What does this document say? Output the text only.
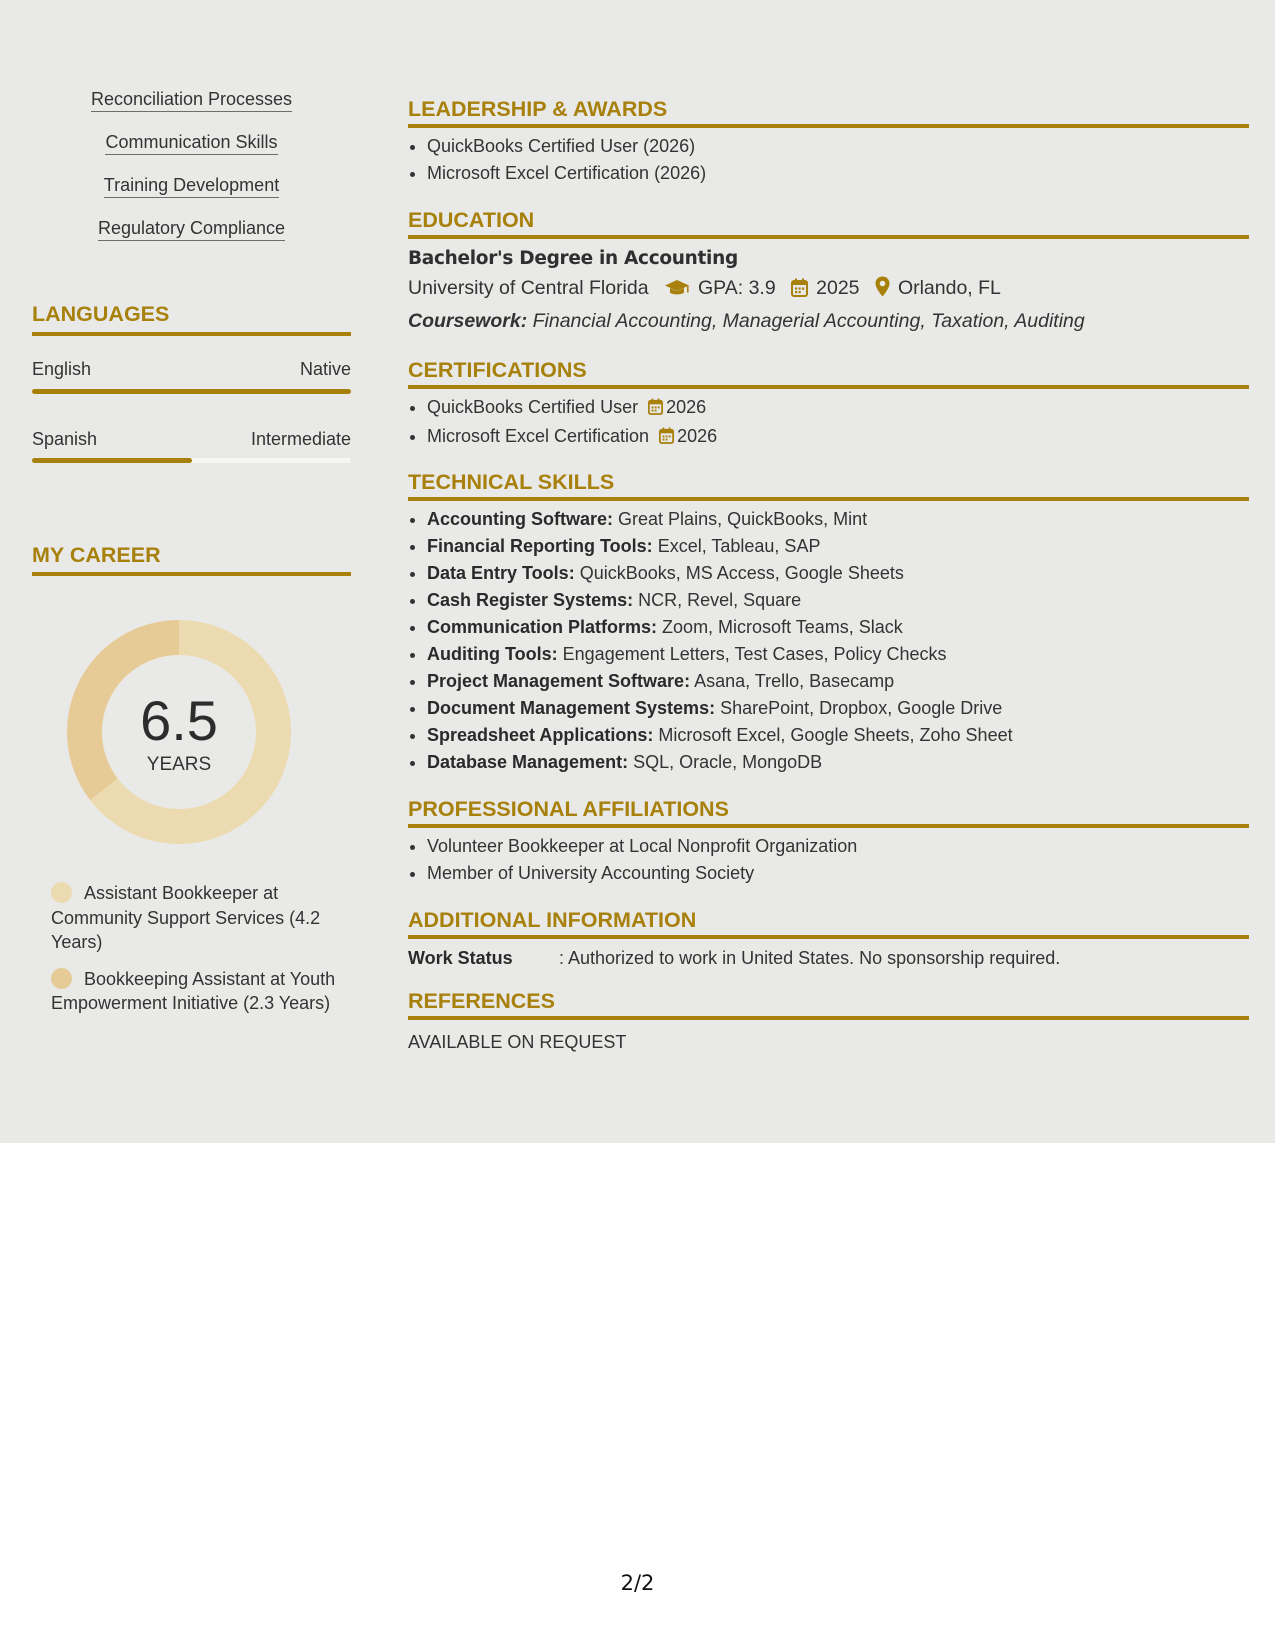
Reconciliation Processes
Communication Skills
Training Development
Regulatory Compliance
LANGUAGES
English	Native
Spanish	Intermediate
MY CAREER
6.5
YEARS
Assistant Bookkeeper at Community Support Services (4.2 Years)
Bookkeeping Assistant at Youth Empowerment Initiative (2.3 Years)
LEADERSHIP & AWARDS
• QuickBooks Certified User (2026)
• Microsoft Excel Certification (2026)
EDUCATION
Bachelor's Degree in Accounting
University of Central Florida	GPA: 3.9 2025 Orlando, FL
Coursework: Financial Accounting, Managerial Accounting, Taxation, Auditing
CERTIFICATIONS
• QuickBooks Certified User 2026
• Microsoft Excel Certification 2026
TECHNICAL SKILLS
• Accounting Software: Great Plains, QuickBooks, Mint
• Financial Reporting Tools: Excel, Tableau, SAP
• Data Entry Tools: QuickBooks, MS Access, Google Sheets
• Cash Register Systems: NCR, Revel, Square
• Communication Platforms: Zoom, Microsoft Teams, Slack
• Auditing Tools: Engagement Letters, Test Cases, Policy Checks
• Project Management Software: Asana, Trello, Basecamp
• Document Management Systems: SharePoint, Dropbox, Google Drive
• Spreadsheet Applications: Microsoft Excel, Google Sheets, Zoho Sheet
• Database Management: SQL, Oracle, MongoDB
PROFESSIONAL AFFILIATIONS
• Volunteer Bookkeeper at Local Nonprofit Organization
• Member of University Accounting Society
ADDITIONAL INFORMATION
Work Status	: Authorized to work in United States. No sponsorship required.
REFERENCES
AVAILABLE ON REQUEST
2/2
